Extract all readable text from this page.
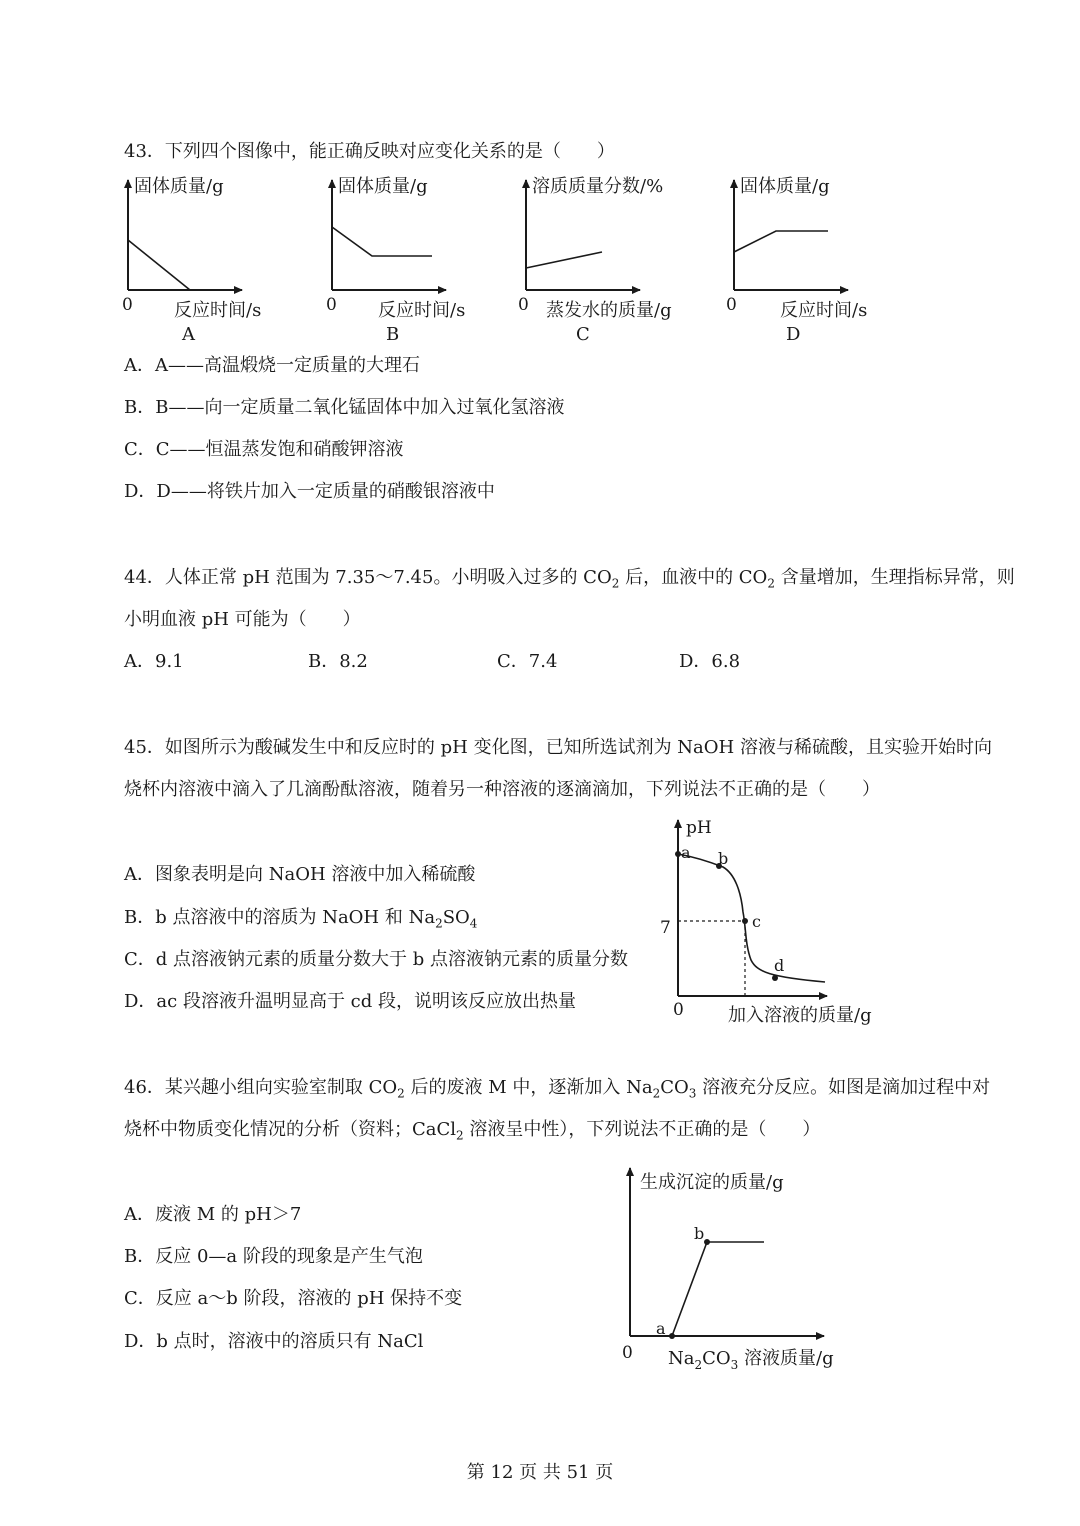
43．下列四个图像中，能正确反映对应变化关系的是（　　）
固体质量/g
0 反应时间/s
A
固体质量/g
0 反应时间/s
B
溶质质量分数/%
0 蒸发水的质量/g
C
固体质量/g
0 反应时间/s
D
A．A——高温煅烧一定质量的大理石
B．B——向一定质量二氧化锰固体中加入过氧化氢溶液
C．C——恒温蒸发饱和硝酸钾溶液
D．D——将铁片加入一定质量的硝酸银溶液中
44．人体正常 pH 范围为 7.35～7.45。小明吸入过多的 $CO_2$ 后，血液中的 $CO_2$ 含量增加，生理指标异常，则
小明血液 pH 可能为（　　）
A．9.1	B．8.2	C．7.4	D．6.8
45．如图所示为酸碱发生中和反应时的 pH 变化图，已知所选试剂为 NaOH 溶液与稀硫酸，且实验开始时向
烧杯内溶液中滴入了几滴酚酞溶液，随着另一种溶液的逐滴滴加，下列说法不正确的是（　　）
A．图象表明是向 NaOH 溶液中加入稀硫酸
B．b 点溶液中的溶质为 NaOH 和 $Na_2SO_4$
C．d 点溶液钠元素的质量分数大于 b 点溶液钠元素的质量分数
D．ac 段溶液升温明显高于 cd 段，说明该反应放出热量
pH
a b
c
d
7
0 加入溶液的质量/g
46．某兴趣小组向实验室制取 $CO_2$ 后的废液 M 中，逐渐加入 $Na_2CO_3$ 溶液充分反应。如图是滴加过程中对
烧杯中物质变化情况的分析（资料；CaCl$_2$ 溶液呈中性），下列说法不正确的是（　　）
A．废液 M 的 pH＞7
B．反应 0—a 阶段的现象是产生气泡
C．反应 a～b 阶段，溶液的 pH 保持不变
D．b 点时，溶液中的溶质只有 NaCl
生成沉淀的质量/g
a
b
0 $Na_2CO_3$ 溶液质量/g
第 12 页 共 51 页
